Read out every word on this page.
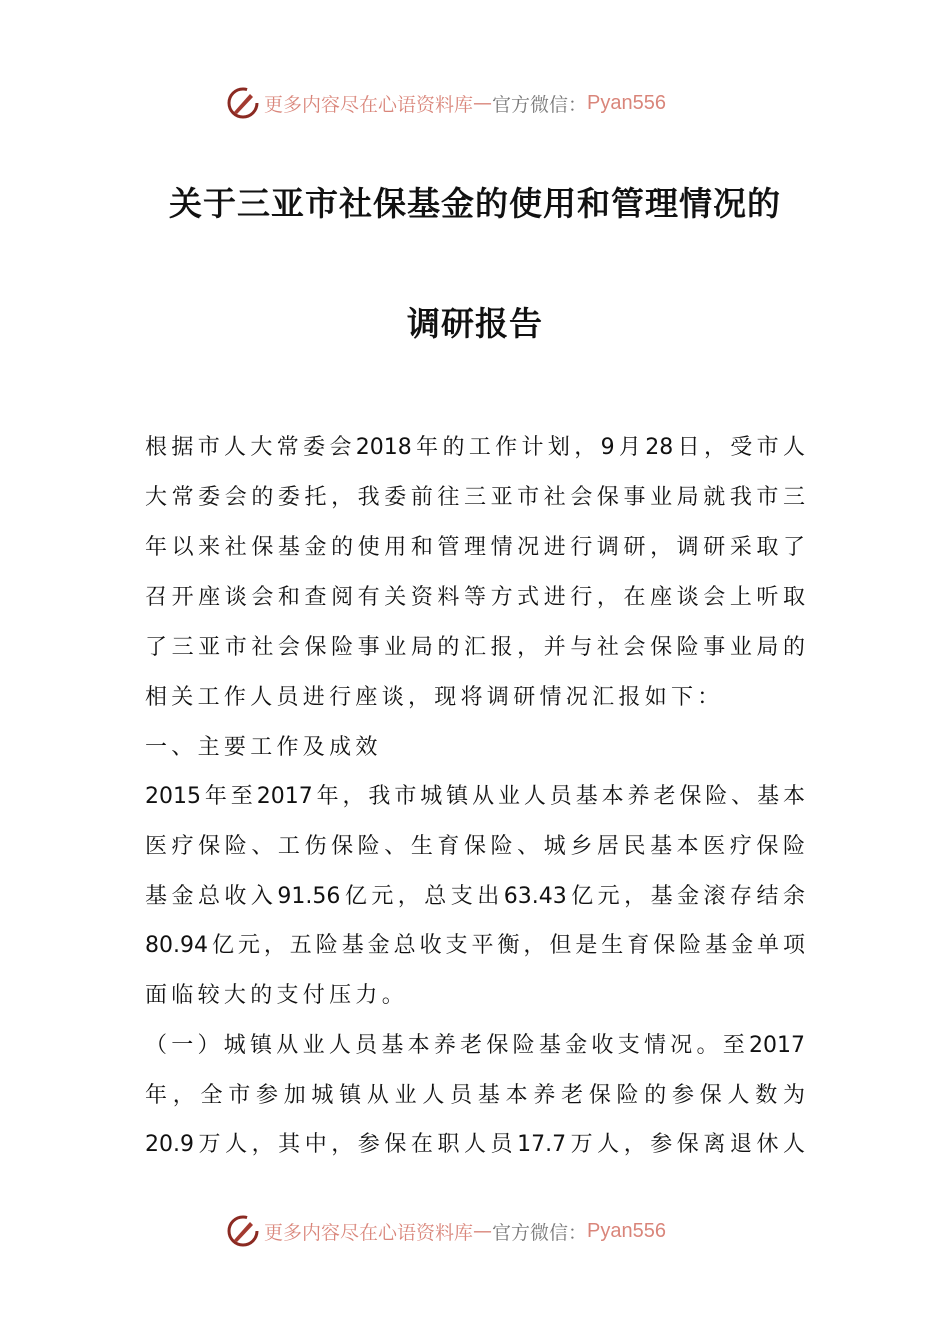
更多内容尽在心语资料库 — 官方微信： Pyan556
关于三亚市社保基金的使用和管理情况的
调研报告
根据市人大常委会2018年的工作计划，9月28日，受市人
大常委会的委托，我委前往三亚市社会保事业局就我市三
年以来社保基金的使用和管理情况进行调研，调研采取了
召开座谈会和查阅有关资料等方式进行，在座谈会上听取
了三亚市社会保险事业局的汇报，并与社会保险事业局的
相关工作人员进行座谈，现将调研情况汇报如下：
一、主要工作及成效
2015年至2017年，我市城镇从业人员基本养老保险、基本
医疗保险、工伤保险、生育保险、城乡居民基本医疗保险
基金总收入91.56亿元，总支出63.43亿元，基金滚存结余
80.94亿元，五险基金总收支平衡，但是生育保险基金单项
面临较大的支付压力。
（一）城镇从业人员基本养老保险基金收支情况。至2017
年，全市参加城镇从业人员基本养老保险的参保人数为
20.9万人，其中，参保在职人员17.7万人，参保离退休人
更多内容尽在心语资料库 — 官方微信： Pyan556
